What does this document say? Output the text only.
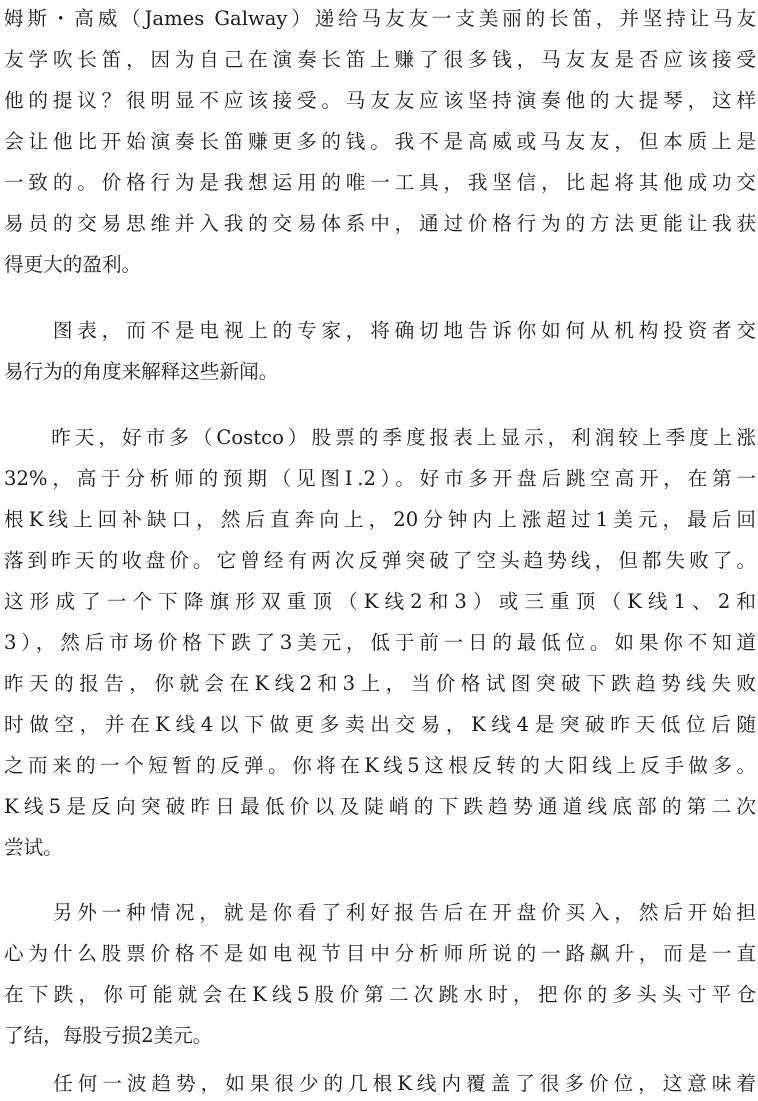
姆斯・高威（James Galway）递给马友友一支美丽的长笛，并坚持让马友
友学吹长笛，因为自己在演奏长笛上赚了很多钱，马友友是否应该接受
他的提议？很明显不应该接受。马友友应该坚持演奏他的大提琴，这样
会让他比开始演奏长笛赚更多的钱。我不是高威或马友友，但本质上是
一致的。价格行为是我想运用的唯一工具，我坚信，比起将其他成功交
易员的交易思维并入我的交易体系中，通过价格行为的方法更能让我获
得更大的盈利。
　　图表，而不是电视上的专家，将确切地告诉你如何从机构投资者交
易行为的角度来解释这些新闻。
　　昨天，好市多（Costco）股票的季度报表上显示，利润较上季度上涨
32%，高于分析师的预期（见图Ⅰ.2）。好市多开盘后跳空高开，在第一
根K线上回补缺口，然后直奔向上，20分钟内上涨超过1美元，最后回
落到昨天的收盘价。它曾经有两次反弹突破了空头趋势线，但都失败了。
这形成了一个下降旗形双重顶（K线2和3）或三重顶（K线1、2和
3），然后市场价格下跌了3美元，低于前一日的最低位。如果你不知道
昨天的报告，你就会在K线2和3上，当价格试图突破下跌趋势线失败
时做空，并在K线4以下做更多卖出交易，K线4是突破昨天低位后随
之而来的一个短暂的反弹。你将在K线5这根反转的大阳线上反手做多。
K线5是反向突破昨日最低价以及陡峭的下跌趋势通道线底部的第二次
尝试。
　　另外一种情况，就是你看了利好报告后在开盘价买入，然后开始担
心为什么股票价格不是如电视节目中分析师所说的一路飙升，而是一直
在下跌，你可能就会在K线5股价第二次跳水时，把你的多头头寸平仓
了结，每股亏损2美元。
　　任何一波趋势，如果很少的几根K线内覆盖了很多价位，这意味着
